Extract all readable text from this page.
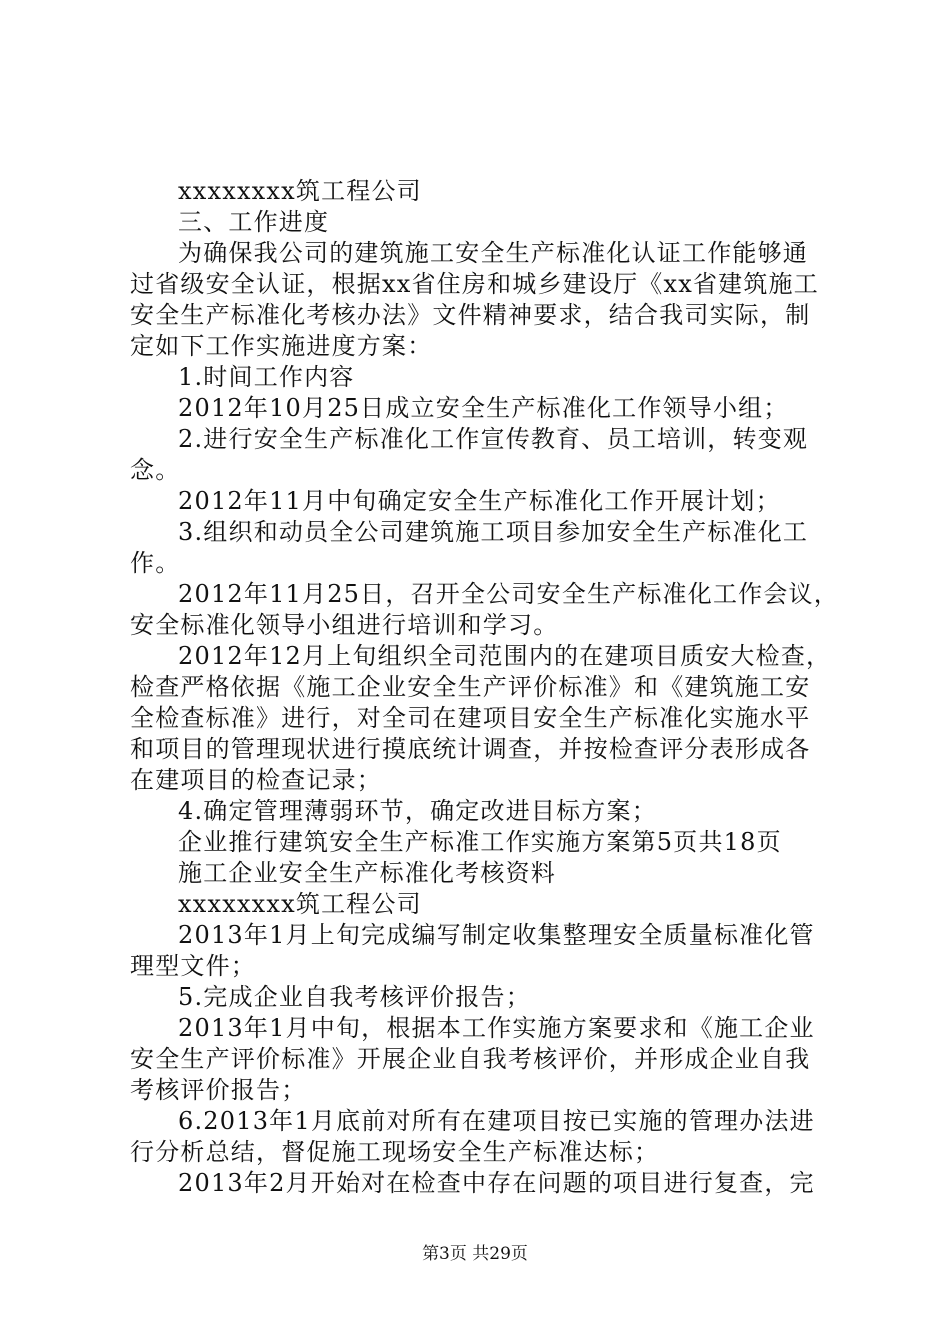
xxxxxxxx筑工程公司
三、工作进度
为确保我公司的建筑施工安全生产标准化认证工作能够通
过省级安全认证，根据xx省住房和城乡建设厅《xx省建筑施工
安全生产标准化考核办法》文件精神要求，结合我司实际，制
定如下工作实施进度方案：
1.时间工作内容
2012年10月25日成立安全生产标准化工作领导小组；
2.进行安全生产标准化工作宣传教育、员工培训，转变观
念。
2012年11月中旬确定安全生产标准化工作开展计划；
3.组织和动员全公司建筑施工项目参加安全生产标准化工
作。
2012年11月25日，召开全公司安全生产标准化工作会议，
安全标准化领导小组进行培训和学习。
2012年12月上旬组织全司范围内的在建项目质安大检查，
检查严格依据《施工企业安全生产评价标准》和《建筑施工安
全检查标准》进行，对全司在建项目安全生产标准化实施水平
和项目的管理现状进行摸底统计调查，并按检查评分表形成各
在建项目的检查记录；
4.确定管理薄弱环节，确定改进目标方案；
企业推行建筑安全生产标准工作实施方案第5页共18页
施工企业安全生产标准化考核资料
xxxxxxxx筑工程公司
2013年1月上旬完成编写制定收集整理安全质量标准化管
理型文件；
5.完成企业自我考核评价报告；
2013年1月中旬，根据本工作实施方案要求和《施工企业
安全生产评价标准》开展企业自我考核评价，并形成企业自我
考核评价报告；
6.2013年1月底前对所有在建项目按已实施的管理办法进
行分析总结，督促施工现场安全生产标准达标；
2013年2月开始对在检查中存在问题的项目进行复查，完
第3页 共29页
